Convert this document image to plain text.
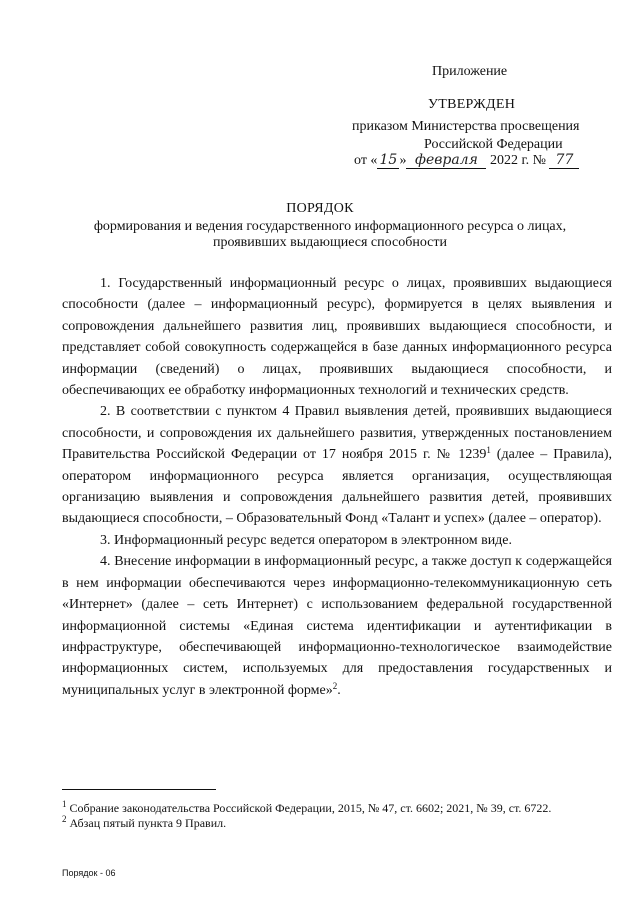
Приложение
УТВЕРЖДЕН
приказом Министерства просвещения
Российской Федерации
от « 15 » февраля 2022 г. № 77
ПОРЯДОК
формирования и ведения государственного информационного ресурса о лицах, проявивших выдающиеся способности

1. Государственный информационный ресурс о лицах, проявивших выдающиеся способности (далее – информационный ресурс), формируется в целях выявления и сопровождения дальнейшего развития лиц, проявивших выдающиеся способности, и представляет собой совокупность содержащейся в базе данных информационного ресурса информации (сведений) о лицах, проявивших выдающиеся способности, и обеспечивающих ее обработку информационных технологий и технических средств.

2. В соответствии с пунктом 4 Правил выявления детей, проявивших выдающиеся способности, и сопровождения их дальнейшего развития, утвержденных постановлением Правительства Российской Федерации от 17 ноября 2015 г. № 1239$^1$ (далее – Правила), оператором информационного ресурса является организация, осуществляющая организацию выявления и сопровождения дальнейшего развития детей, проявивших выдающиеся способности, – Образовательный Фонд «Талант и успех» (далее – оператор).

3. Информационный ресурс ведется оператором в электронном виде.

4. Внесение информации в информационный ресурс, а также доступ к содержащейся в нем информации обеспечиваются через информационно-телекоммуникационную сеть «Интернет» (далее – сеть Интернет) с использованием федеральной государственной информационной системы «Единая система идентификации и аутентификации в инфраструктуре, обеспечивающей информационно-технологическое взаимодействие информационных систем, используемых для предоставления государственных и муниципальных услуг в электронной форме»$^2$.

$^1$ Собрание законодательства Российской Федерации, 2015, № 47, ст. 6602; 2021, № 39, ст. 6722.

$^2$ Абзац пятый пункта 9 Правил.

Порядок - 06
